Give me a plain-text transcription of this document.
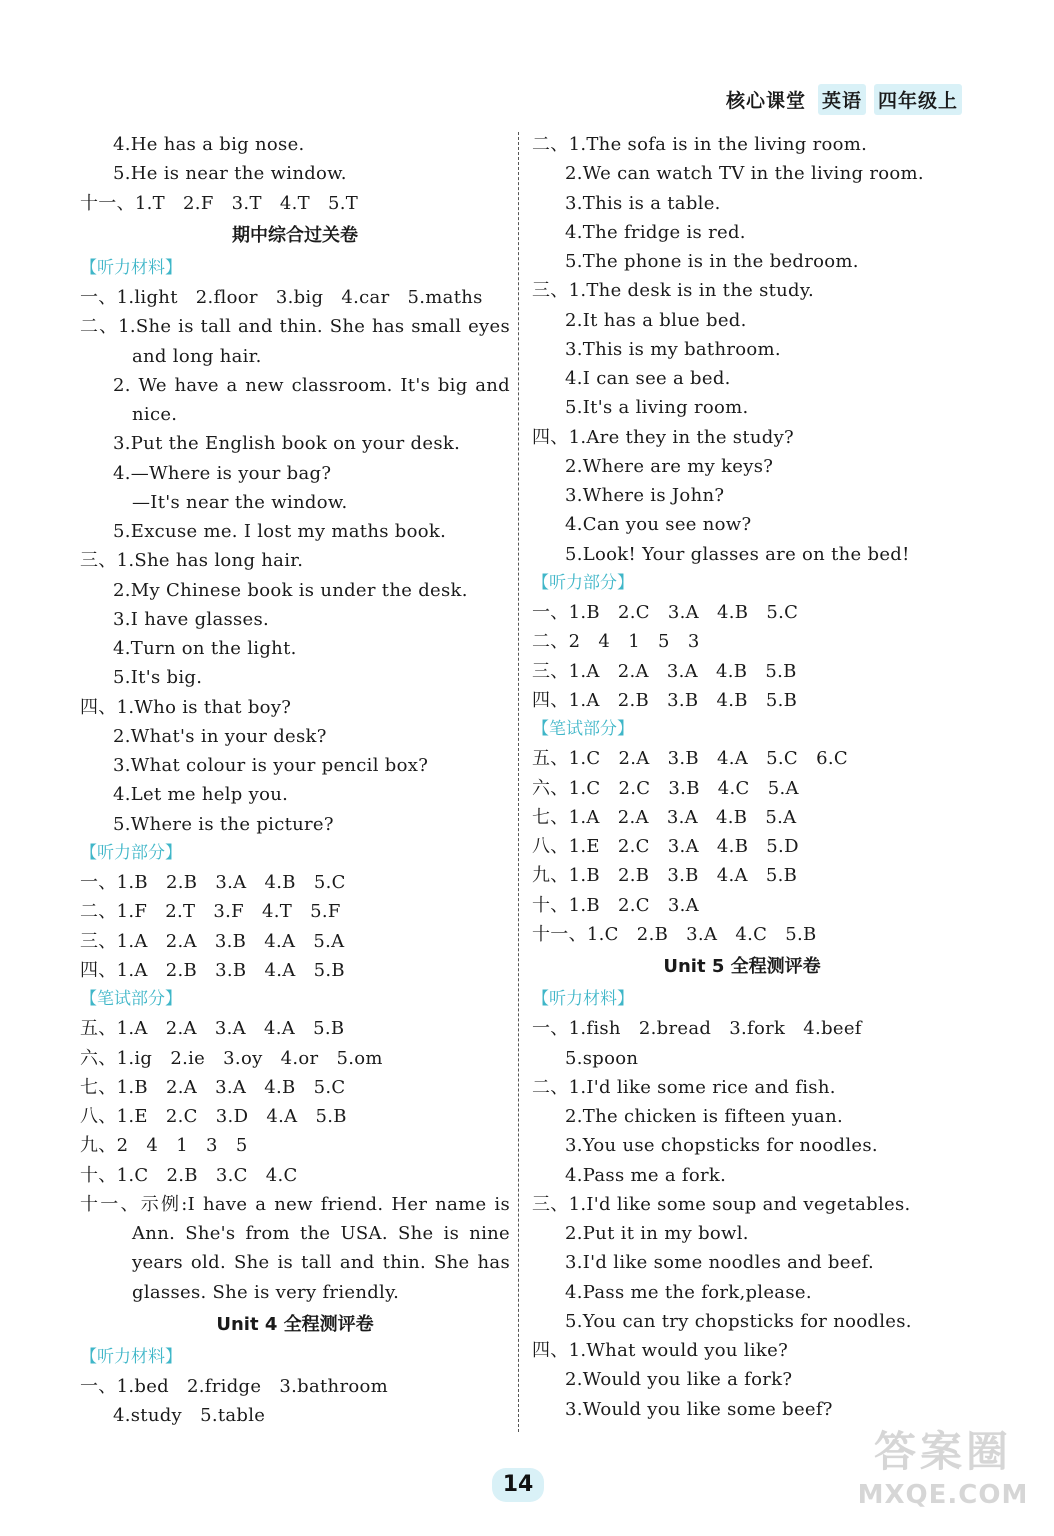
核心课堂 英语 四年级上
4.He has a big nose.
5.He is near the window.
十一、1.T   2.F   3.T   4.T   5.T
期中综合过关卷
【听力材料】
一、1.light   2.floor   3.big   4.car   5.maths
二、1.She is tall and thin. She has small eyes
and long hair.
2. We have a new classroom. It's big and
nice.
3.Put the English book on your desk.
4.—Where is your bag?
—It's near the window.
5.Excuse me. I lost my maths book.
三、1.She has long hair.
2.My Chinese book is under the desk.
3.I have glasses.
4.Turn on the light.
5.It's big.
四、1.Who is that boy?
2.What's in your desk?
3.What colour is your pencil box?
4.Let me help you.
5.Where is the picture?
【听力部分】
一、1.B   2.B   3.A   4.B   5.C
二、1.F   2.T   3.F   4.T   5.F
三、1.A   2.A   3.B   4.A   5.A
四、1.A   2.B   3.B   4.A   5.B
【笔试部分】
五、1.A   2.A   3.A   4.A   5.B
六、1.ig   2.ie   3.oy   4.or   5.om
七、1.B   2.A   3.A   4.B   5.C
八、1.E   2.C   3.D   4.A   5.B
九、2   4   1   3   5
十、1.C   2.B   3.C   4.C
十一、示例:I have a new friend. Her name is
Ann. She's from the USA. She is nine
years old. She is tall and thin. She has
glasses. She is very friendly.
Unit 4 全程测评卷
【听力材料】
一、1.bed   2.fridge   3.bathroom
4.study   5.table
二、1.The sofa is in the living room.
2.We can watch TV in the living room.
3.This is a table.
4.The fridge is red.
5.The phone is in the bedroom.
三、1.The desk is in the study.
2.It has a blue bed.
3.This is my bathroom.
4.I can see a bed.
5.It's a living room.
四、1.Are they in the study?
2.Where are my keys?
3.Where is John?
4.Can you see now?
5.Look! Your glasses are on the bed!
【听力部分】
一、1.B   2.C   3.A   4.B   5.C
二、2   4   1   5   3
三、1.A   2.A   3.A   4.B   5.B
四、1.A   2.B   3.B   4.B   5.B
【笔试部分】
五、1.C   2.A   3.B   4.A   5.C   6.C
六、1.C   2.C   3.B   4.C   5.A
七、1.A   2.A   3.A   4.B   5.A
八、1.E   2.C   3.A   4.B   5.D
九、1.B   2.B   3.B   4.A   5.B
十、1.B   2.C   3.A
十一、1.C   2.B   3.A   4.C   5.B
Unit 5 全程测评卷
【听力材料】
一、1.fish   2.bread   3.fork   4.beef
5.spoon
二、1.I'd like some rice and fish.
2.The chicken is fifteen yuan.
3.You use chopsticks for noodles.
4.Pass me a fork.
三、1.I'd like some soup and vegetables.
2.Put it in my bowl.
3.I'd like some noodles and beef.
4.Pass me the fork,please.
5.You can try chopsticks for noodles.
四、1.What would you like?
2.Would you like a fork?
3.Would you like some beef?
14
答案圈
MXQE.COM
